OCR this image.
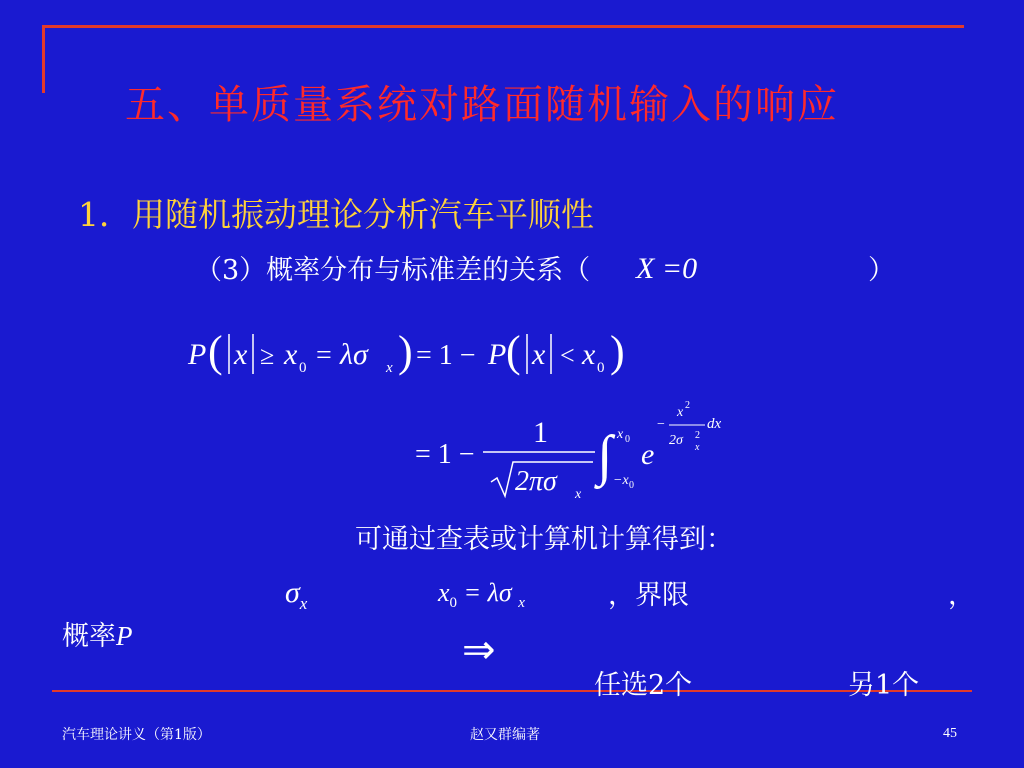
五、单质量系统对路面随机输入的响应
1．用随机振动理论分析汽车平顺性
（3）概率分布与标准差的关系（	）
X =0
P ( x ≥ x 0 = λσ x ) = 1 − P ( x < x 0 )
= 1 −
1
2πσ x
∫ x 0
−x 0
e
−
x 2
2σ 2
x
dx
可通过查表或计算机计算得到：
$\sigma_x$	$x_0 = \lambda\sigma$ $_x$	，界限	，
概率P	⇒
任选2个	另1个
汽车理论讲义（第1版）	赵又群编著	45
